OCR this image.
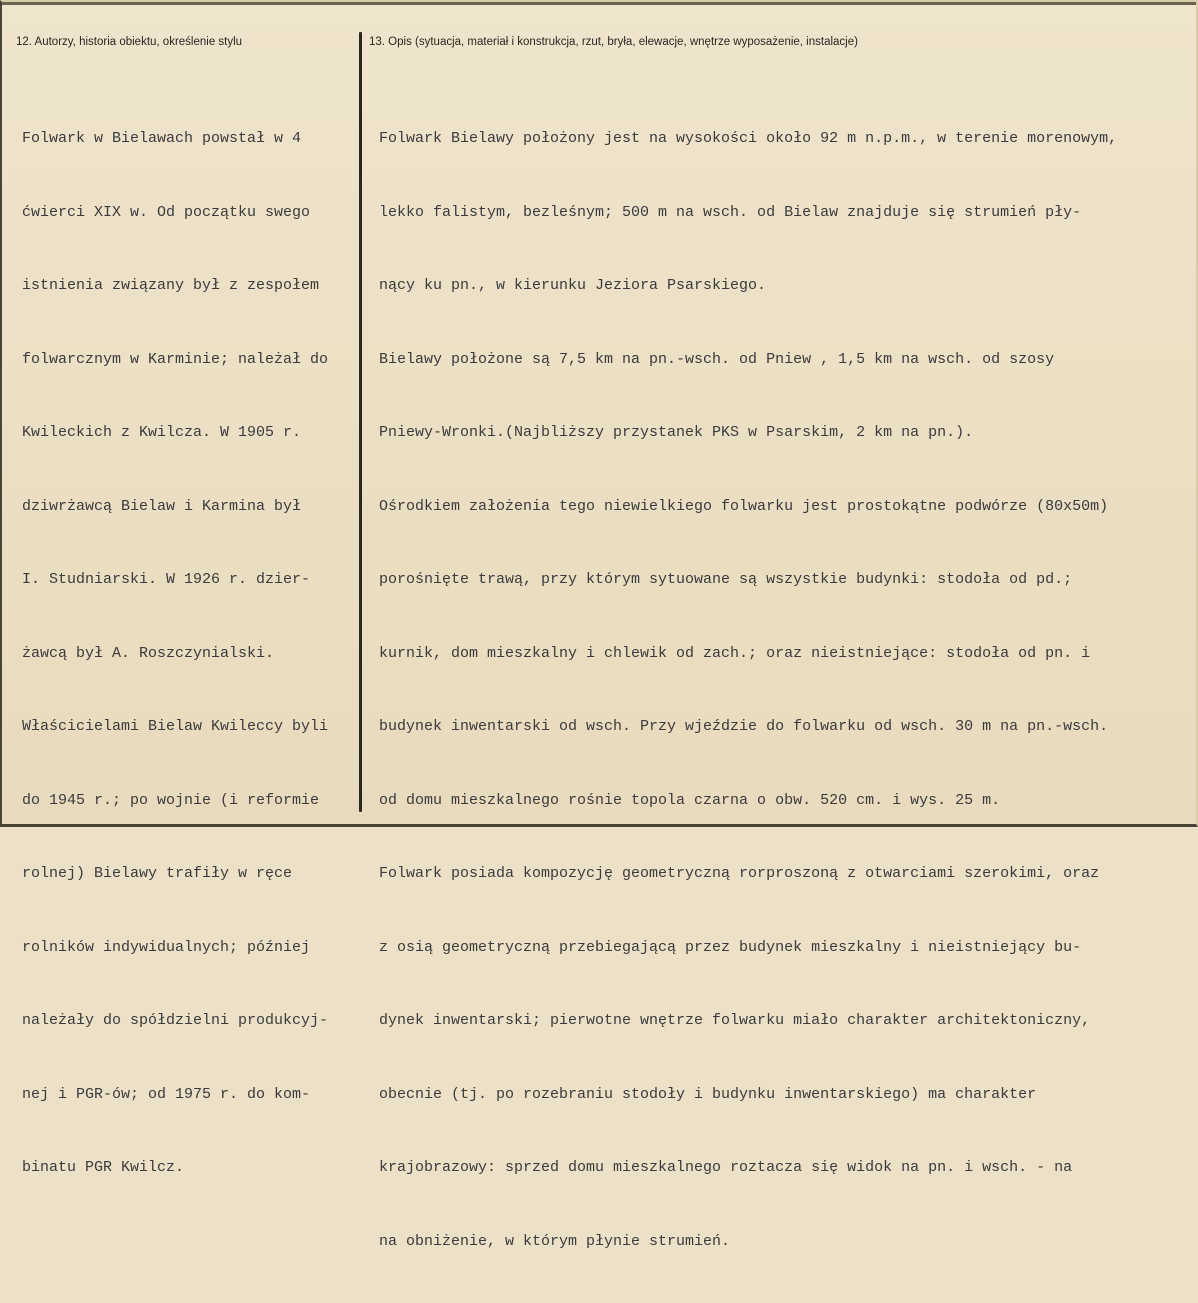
12. Autorzy, historia obiektu, określenie stylu	13. Opis (sytuacja, materiał i konstrukcja, rzut, bryła, elewacje, wnętrze wyposażenie, instalacje)

Folwark w Bielawach powstał w 4

ćwierci XIX w. Od początku swego

istnienia związany był z zespołem

folwarcznym w Karminie; należał do

Kwileckich z Kwilcza. W 1905 r.

dziwrżawcą Bielaw i Karmina był

I. Studniarski. W 1926 r. dzier-

żawcą był A. Roszczynialski.

Właścicielami Bielaw Kwileccy byli

do 1945 r.; po wojnie (i reformie

rolnej) Bielawy trafiły w ręce

rolników indywidualnych; później

należały do spółdzielni produkcyj-

nej i PGR-ów; od 1975 r. do kom-

binatu PGR Kwilcz.

Folwark Bielawy położony jest na wysokości około 92 m n.p.m., w terenie morenowym,

lekko falistym, bezleśnym; 500 m na wsch. od Bielaw znajduje się strumień pły-

nący ku pn., w kierunku Jeziora Psarskiego.

Bielawy położone są 7,5 km na pn.-wsch. od Pniew , 1,5 km na wsch. od szosy

Pniewy-Wronki.(Najbliższy przystanek PKS w Psarskim, 2 km na pn.).

Ośrodkiem założenia tego niewielkiego folwarku jest prostokątne podwórze (80x50m)

porośnięte trawą, przy którym sytuowane są wszystkie budynki: stodoła od pd.;

kurnik, dom mieszkalny i chlewik od zach.; oraz nieistniejące: stodoła od pn. i

budynek inwentarski od wsch. Przy wjeździe do folwarku od wsch. 30 m na pn.-wsch.

od domu mieszkalnego rośnie topola czarna o obw. 520 cm. i wys. 25 m.

Folwark posiada kompozycję geometryczną rorproszoną z otwarciami szerokimi, oraz

z osią geometryczną przebiegającą przez budynek mieszkalny i nieistniejący bu-

dynek inwentarski; pierwotne wnętrze folwarku miało charakter architektoniczny,

obecnie (tj. po rozebraniu stodoły i budynku inwentarskiego) ma charakter

krajobrazowy: sprzed domu mieszkalnego roztacza się widok na pn. i wsch. - na

na obniżenie, w którym płynie strumień.
